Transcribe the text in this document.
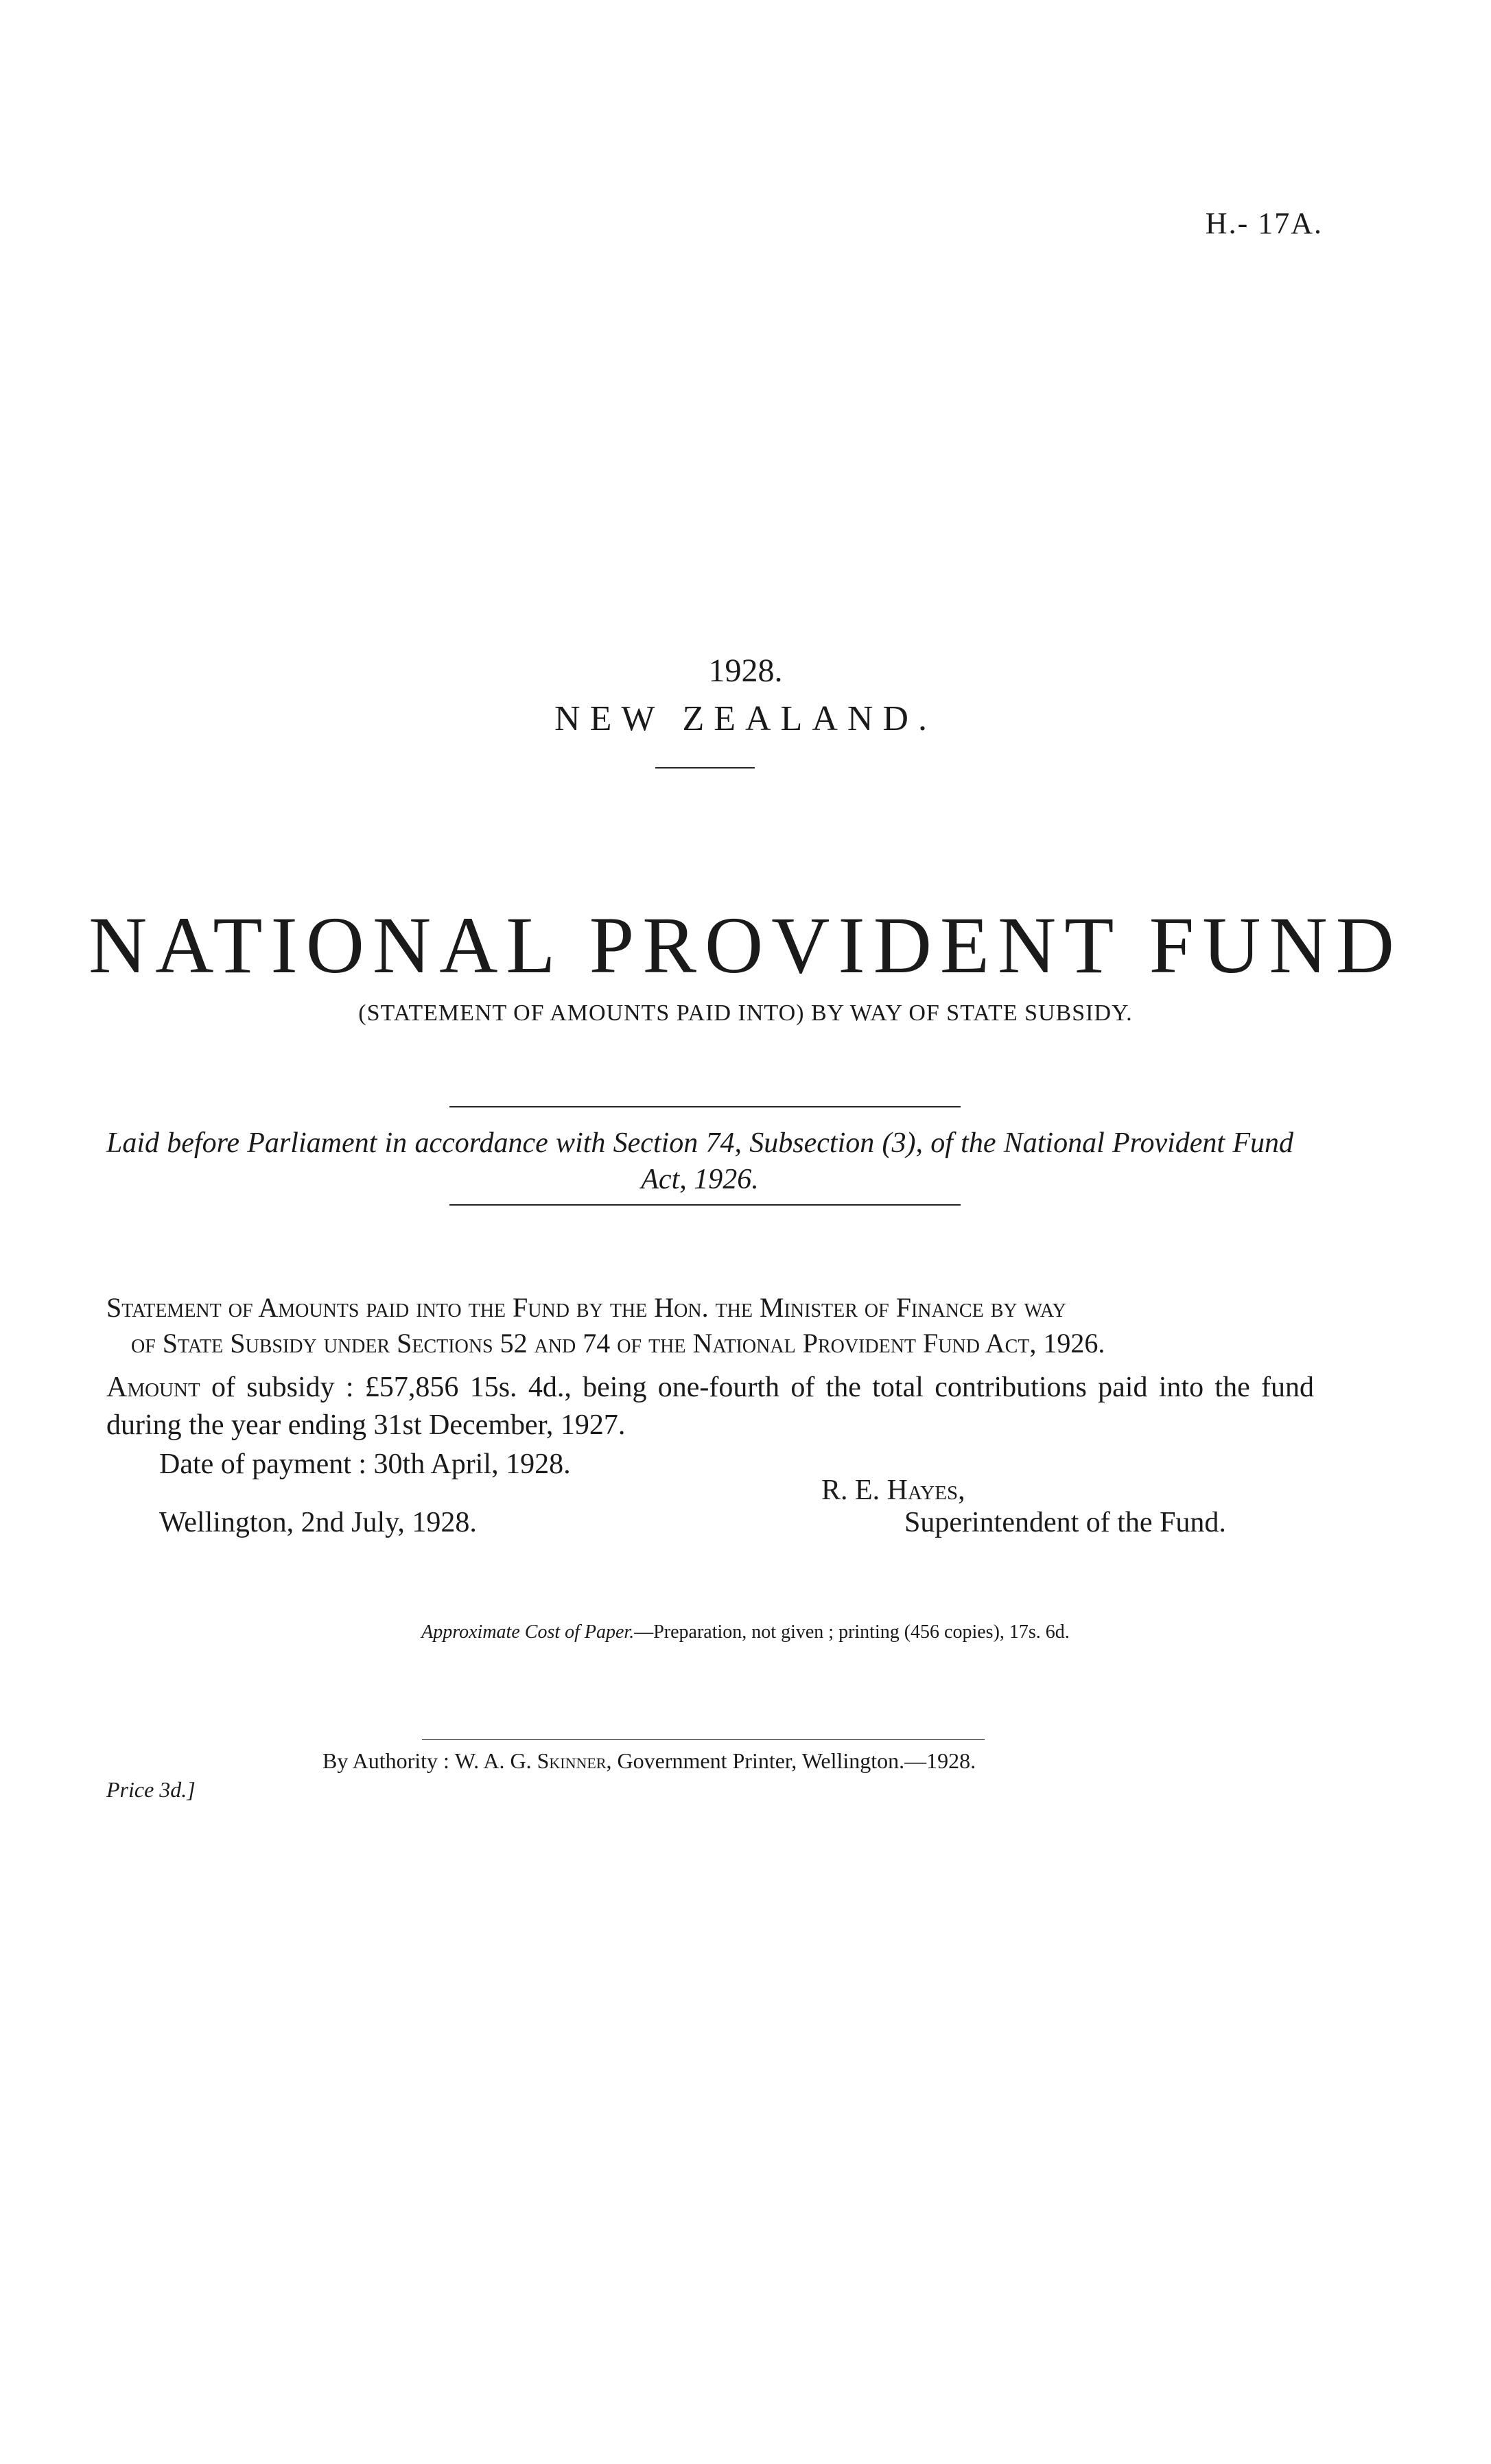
H.- 17A.
1928.
NEW ZEALAND.
NATIONAL PROVIDENT FUND
(STATEMENT OF AMOUNTS PAID INTO) BY WAY OF STATE SUBSIDY.
Laid before Parliament in accordance with Section 74, Subsection (3), of the National Provident Fund Act, 1926.
Statement of Amounts paid into the Fund by the Hon. the Minister of Finance by way
of State Subsidy under Sections 52 and 74 of the National Provident Fund Act, 1926.
Amount of subsidy : £57,856 15s. 4d., being one-fourth of the total contributions paid into the fund during the year ending 31st December, 1927.
Date of payment : 30th April, 1928.
R. E. Hayes,
Wellington, 2nd July, 1928.	Superintendent of the Fund.
Approximate Cost of Paper.—Preparation, not given ; printing (456 copies), 17s. 6d.
By Authority : W. A. G. Skinner, Government Printer, Wellington.—1928.
Price 3d.]
